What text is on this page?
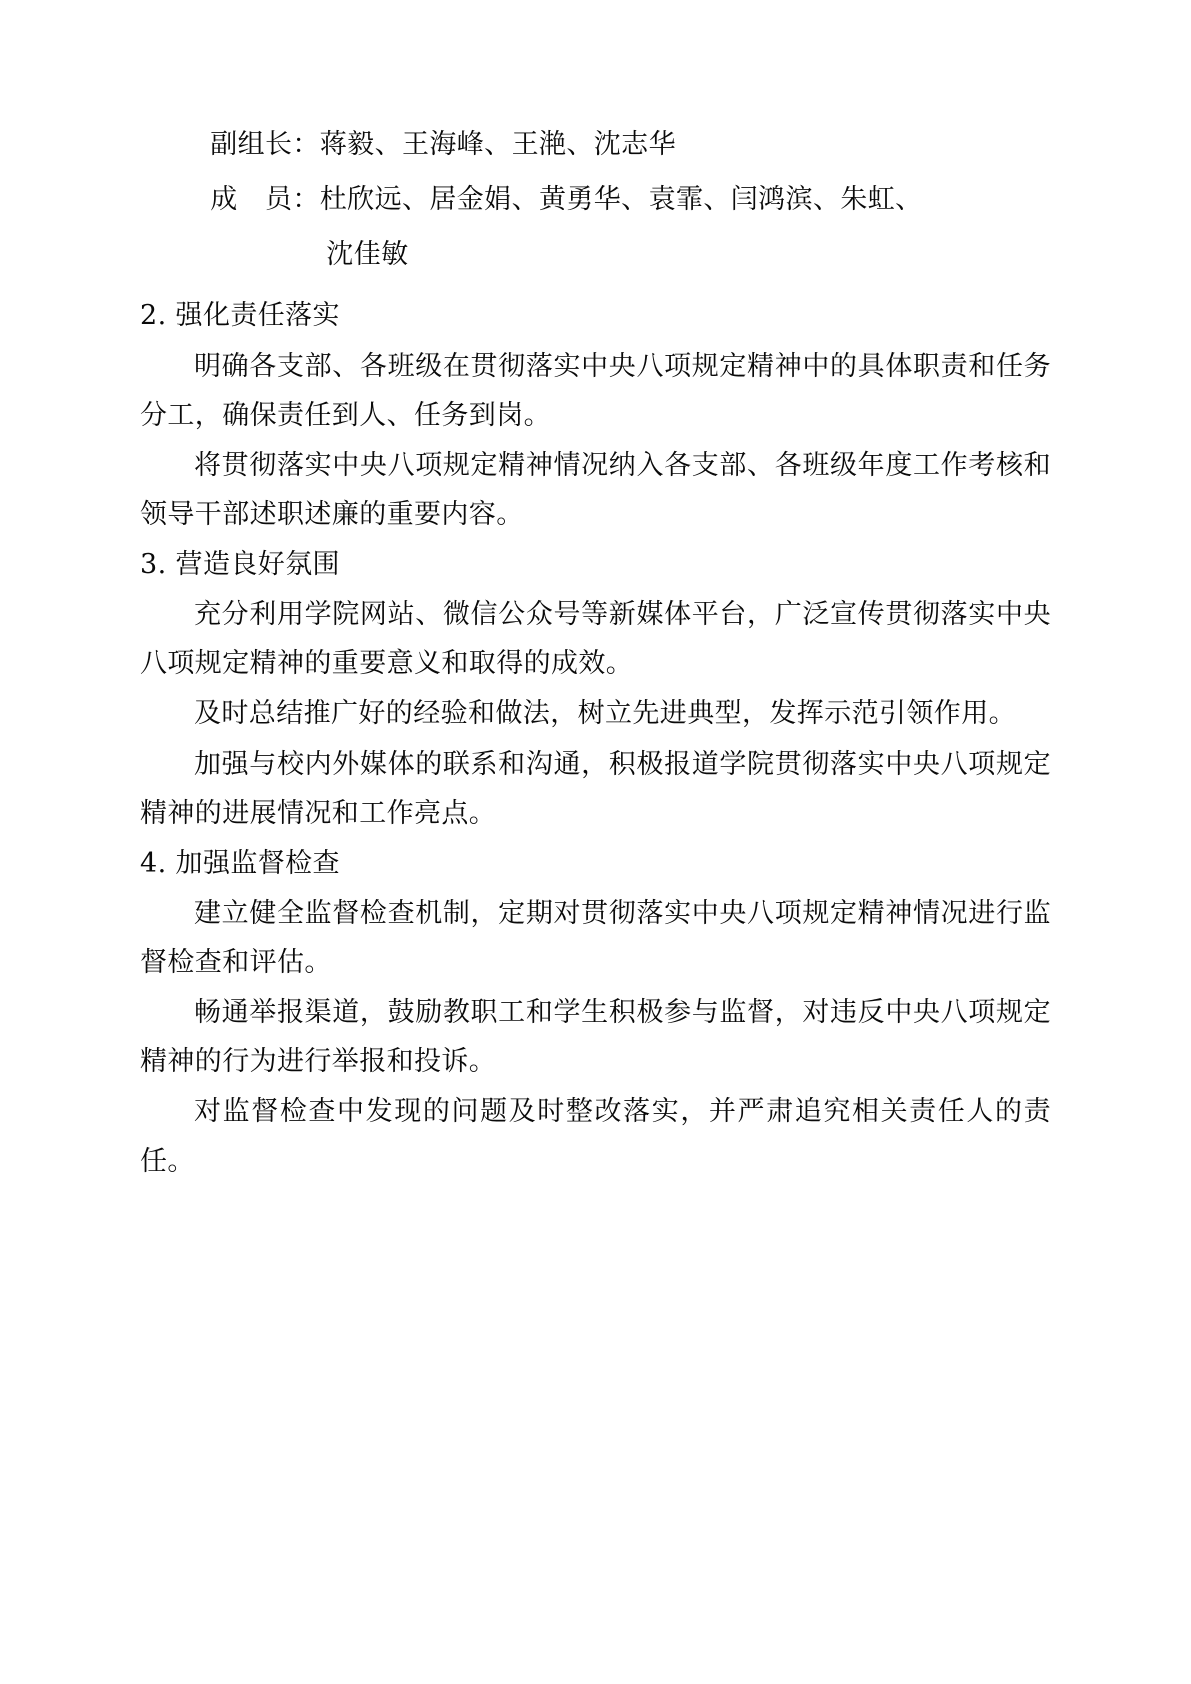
副组长：蒋毅、王海峰、王滟、沈志华

成　员：杜欣远、居金娟、黄勇华、袁霏、闫鸿滨、朱虹、

沈佳敏

2. 强化责任落实

明确各支部、各班级在贯彻落实中央八项规定精神中的具体职责和任务分工，确保责任到人、任务到岗。

将贯彻落实中央八项规定精神情况纳入各支部、各班级年度工作考核和领导干部述职述廉的重要内容。

3. 营造良好氛围

充分利用学院网站、微信公众号等新媒体平台，广泛宣传贯彻落实中央八项规定精神的重要意义和取得的成效。

及时总结推广好的经验和做法，树立先进典型，发挥示范引领作用。

加强与校内外媒体的联系和沟通，积极报道学院贯彻落实中央八项规定精神的进展情况和工作亮点。

4. 加强监督检查

建立健全监督检查机制，定期对贯彻落实中央八项规定精神情况进行监督检查和评估。

畅通举报渠道，鼓励教职工和学生积极参与监督，对违反中央八项规定精神的行为进行举报和投诉。

对监督检查中发现的问题及时整改落实，并严肃追究相关责任人的责任。
